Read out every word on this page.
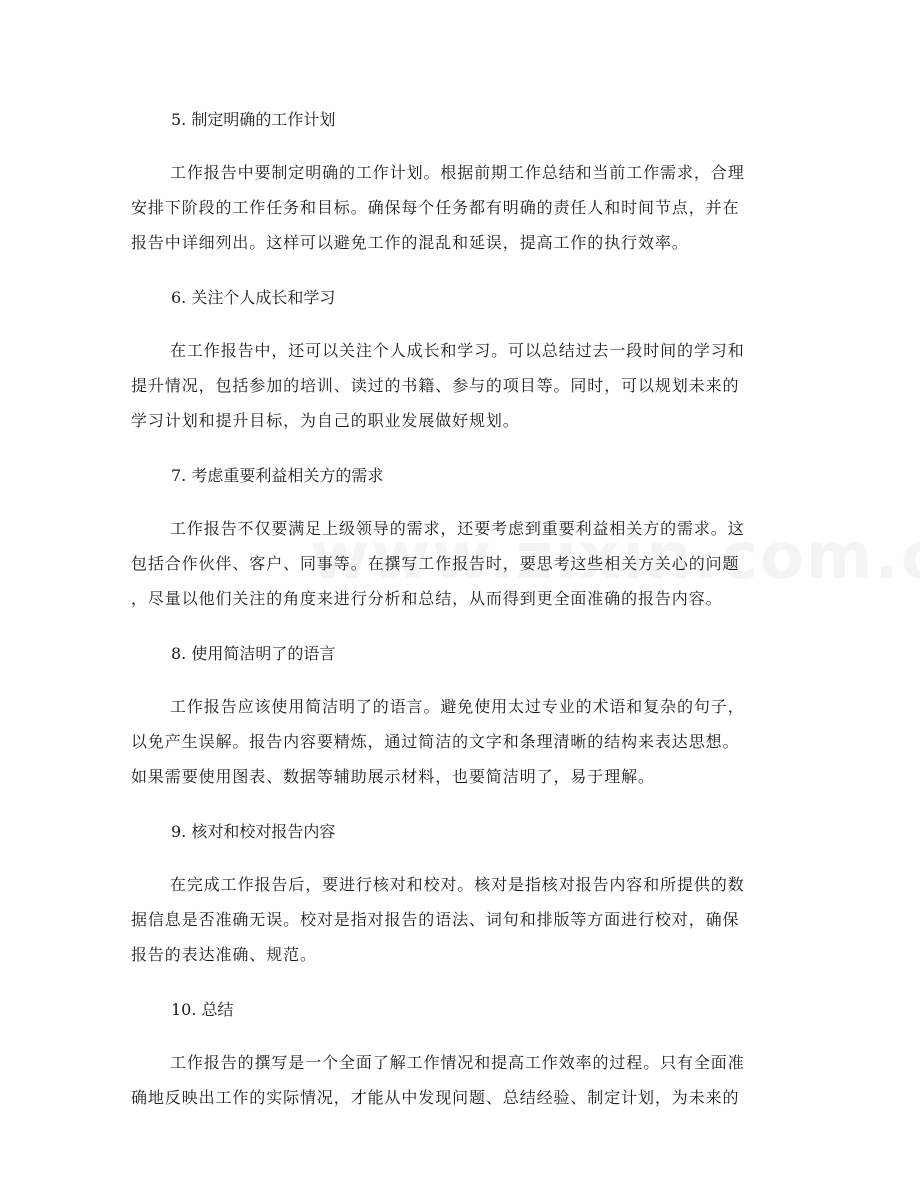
5. 制定明确的工作计划

工作报告中要制定明确的工作计划。根据前期工作总结和当前工作需求，合理
安排下阶段的工作任务和目标。确保每个任务都有明确的责任人和时间节点，并在
报告中详细列出。这样可以避免工作的混乱和延误，提高工作的执行效率。

6. 关注个人成长和学习

在工作报告中，还可以关注个人成长和学习。可以总结过去一段时间的学习和
提升情况，包括参加的培训、读过的书籍、参与的项目等。同时，可以规划未来的
学习计划和提升目标，为自己的职业发展做好规划。

7. 考虑重要利益相关方的需求

工作报告不仅要满足上级领导的需求，还要考虑到重要利益相关方的需求。这
包括合作伙伴、客户、同事等。在撰写工作报告时，要思考这些相关方关心的问题
，尽量以他们关注的角度来进行分析和总结，从而得到更全面准确的报告内容。

8. 使用简洁明了的语言

工作报告应该使用简洁明了的语言。避免使用太过专业的术语和复杂的句子，
以免产生误解。报告内容要精炼，通过简洁的文字和条理清晰的结构来表达思想。
如果需要使用图表、数据等辅助展示材料，也要简洁明了，易于理解。

9. 核对和校对报告内容

在完成工作报告后，要进行核对和校对。核对是指核对报告内容和所提供的数
据信息是否准确无误。校对是指对报告的语法、词句和排版等方面进行校对，确保
报告的表达准确、规范。

10. 总结

工作报告的撰写是一个全面了解工作情况和提高工作效率的过程。只有全面准
确地反映出工作的实际情况，才能从中发现问题、总结经验、制定计划，为未来的
